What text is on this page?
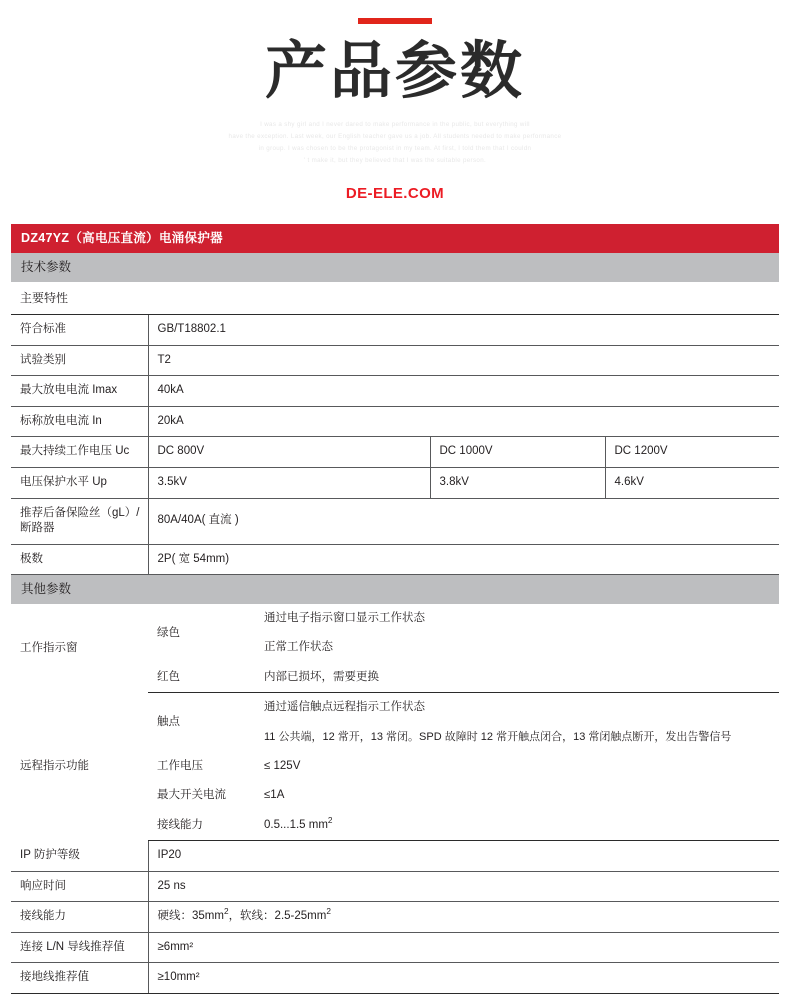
产品参数

I was a shy girl and I never dared to make performance in the public, but everything will

have the exception. Last week, our English teacher gave us a job. All students needed to make performance

in group. I was chosen to be the protagonist in my team. At first, I told them that I couldn

' t make it, but they believed that I was the suitable person.

DE-ELE.COM
DZ47YZ（高电压直流）电涌保护器				
技术参数				
主要特性				
符合标准	GB/T18802.1			
试验类别	T2			
最大放电电流 Imax	40kA			
标称放电电流 In	20kA			
最大持续工作电压 Uc	DC 800V		DC 1000V	DC 1200V
电压保护水平 Up	3.5kV		3.8kV	4.6kV
推荐后备保险丝（gL）/ 断路器	80A/40A( 直流 )			
极数	2P( 宽 54mm)			
其他参数				
工作指示窗	绿色	通过电子指示窗口显示工作状态		
		正常工作状态		
	红色	内部已损坏，需要更换		
远程指示功能	触点	通过遥信触点远程指示工作状态		
		11 公共端，12 常开，13 常闭。SPD 故障时 12 常开触点闭合，13 常闭触点断开，发出告警信号		
	工作电压	≤ 125V		
	最大开关电流	≤1A		
	接线能力	0.5...1.5 $mm^2$
IP 防护等级	IP20			
响应时间	25 ns			
接线能力	硬线：$35mm^2$，软线：$2.5-25mm^2$
连接 L/N 导线推荐值	≥6mm²			
接地线推荐值	≥10mm²			
